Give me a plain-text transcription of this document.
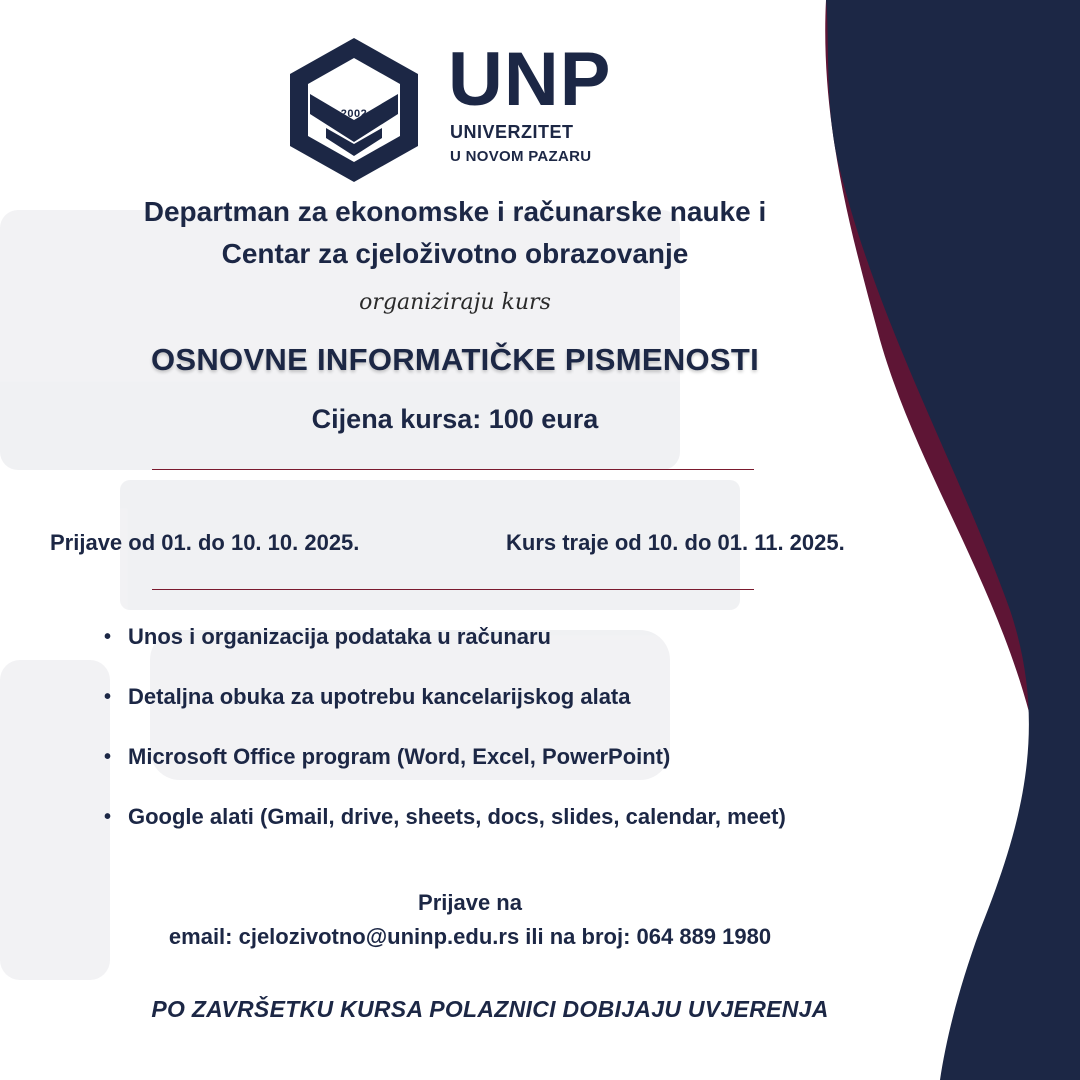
2002 UNP
UNIVERZITET
U NOVOM PAZARU
Departman za ekonomske i računarske nauke i
Centar za cjeloživotno obrazovanje
organiziraju kurs
OSNOVNE INFORMATIČKE PISMENOSTI
Cijena kursa: 100 eura
Prijave od 01. do 10. 10. 2025.	Kurs traje od 10. do 01. 11. 2025.
• Unos i organizacija podataka u računaru
• Detaljna obuka za upotrebu kancelarijskog alata
• Microsoft Office program (Word, Excel, PowerPoint)
• Google alati (Gmail, drive, sheets, docs, slides, calendar, meet)
Prijave na
email: cjelozivotno@uninp.edu.rs ili na broj: 064 889 1980
PO ZAVRŠETKU KURSA POLAZNICI DOBIJAJU UVJERENJA
